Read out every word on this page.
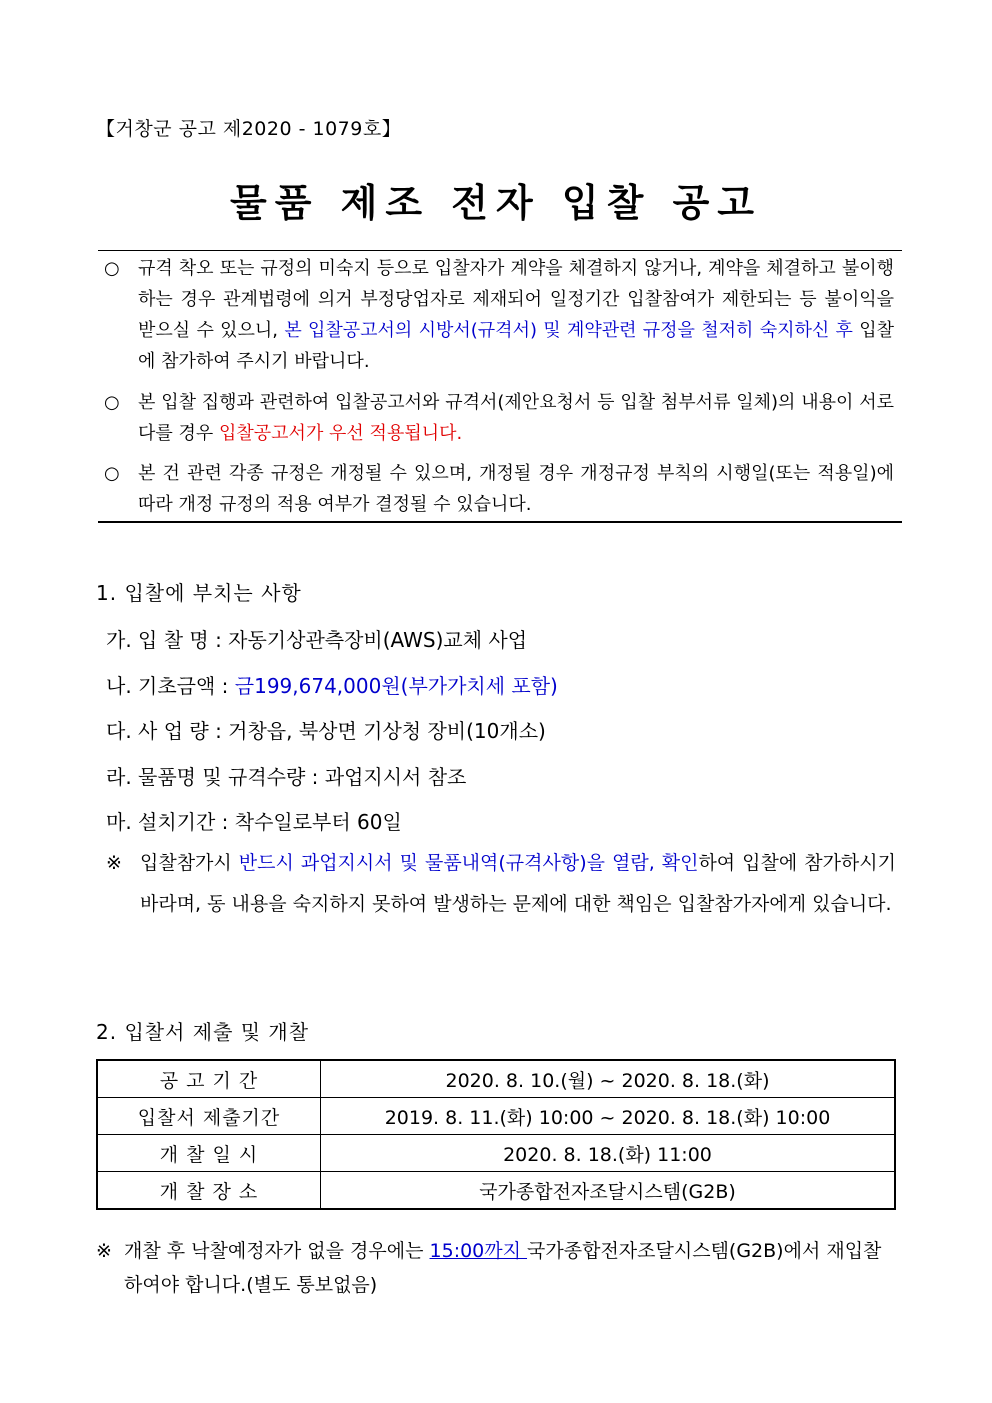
【거창군 공고 제2020 - 1079호】
물품 제조 전자 입찰 공고
○ 규격 착오 또는 규정의 미숙지 등으로 입찰자가 계약을 체결하지 않거나, 계약을 체결하고 불이행하는 경우 관계법령에 의거 부정당업자로 제재되어 일정기간 입찰참여가 제한되는 등 불이익을 받으실 수 있으니, 본 입찰공고서의 시방서(규격서) 및 계약관련 규정을 철저히 숙지하신 후 입찰에 참가하여 주시기 바랍니다.
○ 본 입찰 집행과 관련하여 입찰공고서와 규격서(제안요청서 등 입찰 첨부서류 일체)의 내용이 서로 다를 경우 입찰공고서가 우선 적용됩니다.
○ 본 건 관련 각종 규정은 개정될 수 있으며, 개정될 경우 개정규정 부칙의 시행일(또는 적용일)에 따라 개정 규정의 적용 여부가 결정될 수 있습니다.
1. 입찰에 부치는 사항
가. 입 찰 명 : 자동기상관측장비(AWS)교체 사업
나. 기초금액 : 금199,674,000원(부가가치세 포함)
다. 사 업 량 : 거창읍, 북상면 기상청 장비(10개소)
라. 물품명 및 규격수량 : 과업지시서 참조
마. 설치기간 : 착수일로부터 60일
※ 입찰참가시 반드시 과업지시서 및 물품내역(규격사항)을 열람, 확인하여 입찰에 참가하시기 바라며, 동 내용을 숙지하지 못하여 발생하는 문제에 대한 책임은 입찰참가자에게 있습니다.
2. 입찰서 제출 및 개찰
공 고 기 간	2020. 8. 10.(월) ~ 2020. 8. 18.(화)
입찰서 제출기간	2019. 8. 11.(화) 10:00 ~ 2020. 8. 18.(화) 10:00
개 찰 일 시	2020. 8. 18.(화) 11:00
개 찰 장 소	국가종합전자조달시스템(G2B)
※ 개찰 후 낙찰예정자가 없을 경우에는 15:00까지 국가종합전자조달시스템(G2B)에서 재입찰하여야 합니다.(별도 통보없음)
